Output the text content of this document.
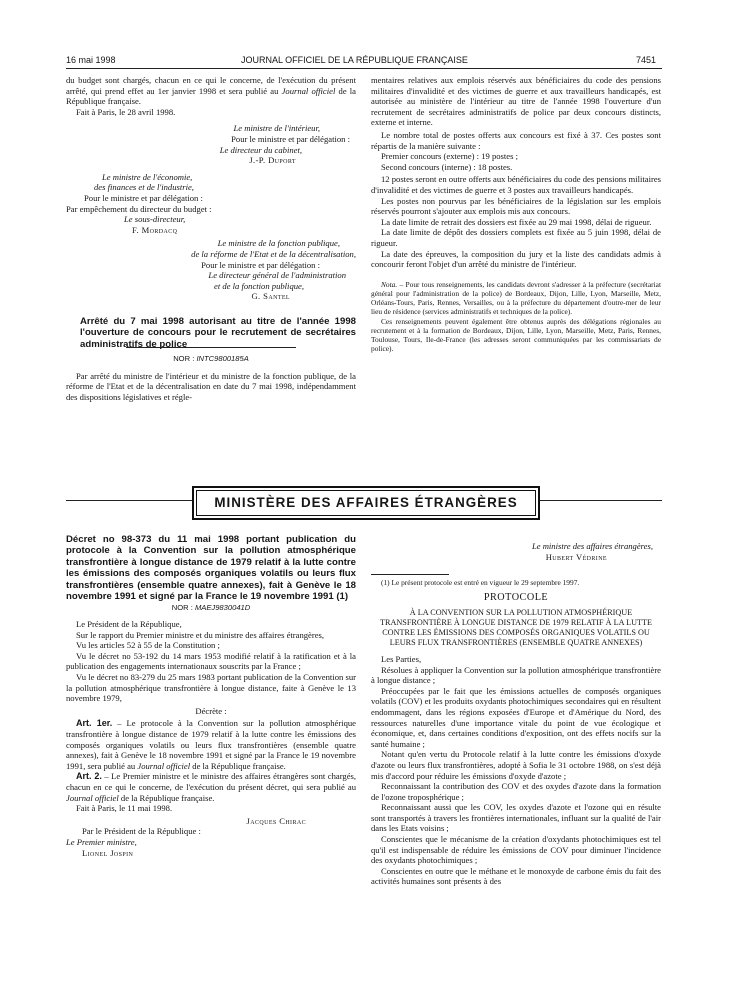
16 mai 1998	JOURNAL OFFICIEL DE LA RÉPUBLIQUE FRANÇAISE	7451

du budget sont chargés, chacun en ce qui le concerne, de l'exécution du présent arrêté, qui prend effet au 1er janvier 1998 et sera publié au Journal officiel de la République française.

Fait à Paris, le 28 avril 1998.

Le ministre de l'intérieur,

Pour le ministre et par délégation :

Le directeur du cabinet,

J.-P. Duport

Le ministre de l'économie,

des finances et de l'industrie,

Pour le ministre et par délégation :

Par empêchement du directeur du budget :

Le sous-directeur,

F. Mordacq

Le ministre de la fonction publique,

de la réforme de l'Etat et de la décentralisation,

Pour le ministre et par délégation :

Le directeur général de l'administration

et de la fonction publique,

G. Santel

Arrêté du 7 mai 1998 autorisant au titre de l'année 1998 l'ouverture de concours pour le recrutement de secrétaires administratifs de police
NOR : INTC9800185A

Par arrêté du ministre de l'intérieur et du ministre de la fonction publique, de la réforme de l'Etat et de la décentralisation en date du 7 mai 1998, indépendamment des dispositions législatives et régle-

mentaires relatives aux emplois réservés aux bénéficiaires du code des pensions militaires d'invalidité et des victimes de guerre et aux travailleurs handicapés, est autorisée au ministère de l'intérieur au titre de l'année 1998 l'ouverture d'un recrutement de secrétaires administratifs de police par deux concours distincts, externe et interne.

Le nombre total de postes offerts aux concours est fixé à 37. Ces postes sont répartis de la manière suivante :

Premier concours (externe) : 19 postes ;

Second concours (interne) : 18 postes.

12 postes seront en outre offerts aux bénéficiaires du code des pensions militaires d'invalidité et des victimes de guerre et 3 postes aux travailleurs handicapés.

Les postes non pourvus par les bénéficiaires de la législation sur les emplois réservés pourront s'ajouter aux emplois mis aux concours.

La date limite de retrait des dossiers est fixée au 29 mai 1998, délai de rigueur.

La date limite de dépôt des dossiers complets est fixée au 5 juin 1998, délai de rigueur.

La date des épreuves, la composition du jury et la liste des candidats admis à concourir feront l'objet d'un arrêté du ministre de l'intérieur.

Nota. – Pour tous renseignements, les candidats devront s'adresser à la préfecture (secrétariat général pour l'administration de la police) de Bordeaux, Dijon, Lille, Lyon, Marseille, Metz, Orléans-Tours, Paris, Rennes, Versailles, ou à la préfecture du département d'outre-mer de leur lieu de résidence (services administratifs et techniques de la police).

Ces renseignements peuvent également être obtenus auprès des délégations régionales au recrutement et à la formation de Bordeaux, Dijon, Lille, Lyon, Marseille, Metz, Paris, Rennes, Toulouse, Tours, Ile-de-France (les adresses seront communiquées par les commissariats de police).

MINISTÈRE DES AFFAIRES ÉTRANGÈRES
Décret no 98-373 du 11 mai 1998 portant publication du protocole à la Convention sur la pollution atmosphérique transfrontière à longue distance de 1979 relatif à la lutte contre les émissions des composés organiques volatils ou leurs flux transfrontières (ensemble quatre annexes), fait à Genève le 18 novembre 1991 et signé par la France le 19 novembre 1991 (1)
NOR : MAEJ9830041D

Le Président de la République,

Sur le rapport du Premier ministre et du ministre des affaires étrangères,

Vu les articles 52 à 55 de la Constitution ;

Vu le décret no 53-192 du 14 mars 1953 modifié relatif à la ratification et à la publication des engagements internationaux souscrits par la France ;

Vu le décret no 83-279 du 25 mars 1983 portant publication de la Convention sur la pollution atmosphérique transfrontière à longue distance, faite à Genève le 13 novembre 1979,

Décrète :

Art. 1er. – Le protocole à la Convention sur la pollution atmosphérique transfrontière à longue distance de 1979 relatif à la lutte contre les émissions des composés organiques volatils ou leurs flux transfrontières (ensemble quatre annexes), fait à Genève le 18 novembre 1991 et signé par la France le 19 novembre 1991, sera publié au Journal officiel de la République française.

Art. 2. – Le Premier ministre et le ministre des affaires étrangères sont chargés, chacun en ce qui le concerne, de l'exécution du présent décret, qui sera publié au Journal officiel de la République française.

Fait à Paris, le 11 mai 1998.

Jacques Chirac

Par le Président de la République :

Le Premier ministre,

Lionel Jospin

Le ministre des affaires étrangères,

Hubert Védrine

(1) Le présent protocole est entré en vigueur le 29 septembre 1997.

PROTOCOLE

À LA CONVENTION SUR LA POLLUTION ATMOSPHÉRIQUE TRANSFRONTIÈRE À LONGUE DISTANCE DE 1979 RELATIF À LA LUTTE CONTRE LES ÉMISSIONS DES COMPOSÉS ORGANIQUES VOLATILS OU LEURS FLUX TRANSFRONTIÈRES (ENSEMBLE QUATRE ANNEXES)

Les Parties,

Résolues à appliquer la Convention sur la pollution atmosphérique transfrontière à longue distance ;

Préoccupées par le fait que les émissions actuelles de composés organiques volatils (COV) et les produits oxydants photochimiques secondaires qui en résultent endommagent, dans les régions exposées d'Europe et d'Amérique du Nord, des ressources naturelles d'une importance vitale du point de vue écologique et économique, et, dans certaines conditions d'exposition, ont des effets nocifs sur la santé humaine ;

Notant qu'en vertu du Protocole relatif à la lutte contre les émissions d'oxyde d'azote ou leurs flux transfrontières, adopté à Sofia le 31 octobre 1988, on s'est déjà mis d'accord pour réduire les émissions d'oxyde d'azote ;

Reconnaissant la contribution des COV et des oxydes d'azote dans la formation de l'ozone troposphérique ;

Reconnaissant aussi que les COV, les oxydes d'azote et l'ozone qui en résulte sont transportés à travers les frontières internationales, influant sur la qualité de l'air dans les Etats voisins ;

Conscientes que le mécanisme de la création d'oxydants photochimiques est tel qu'il est indispensable de réduire les émissions de COV pour diminuer l'incidence des oxydants photochimiques ;

Conscientes en outre que le méthane et le monoxyde de carbone émis du fait des activités humaines sont présents à des
